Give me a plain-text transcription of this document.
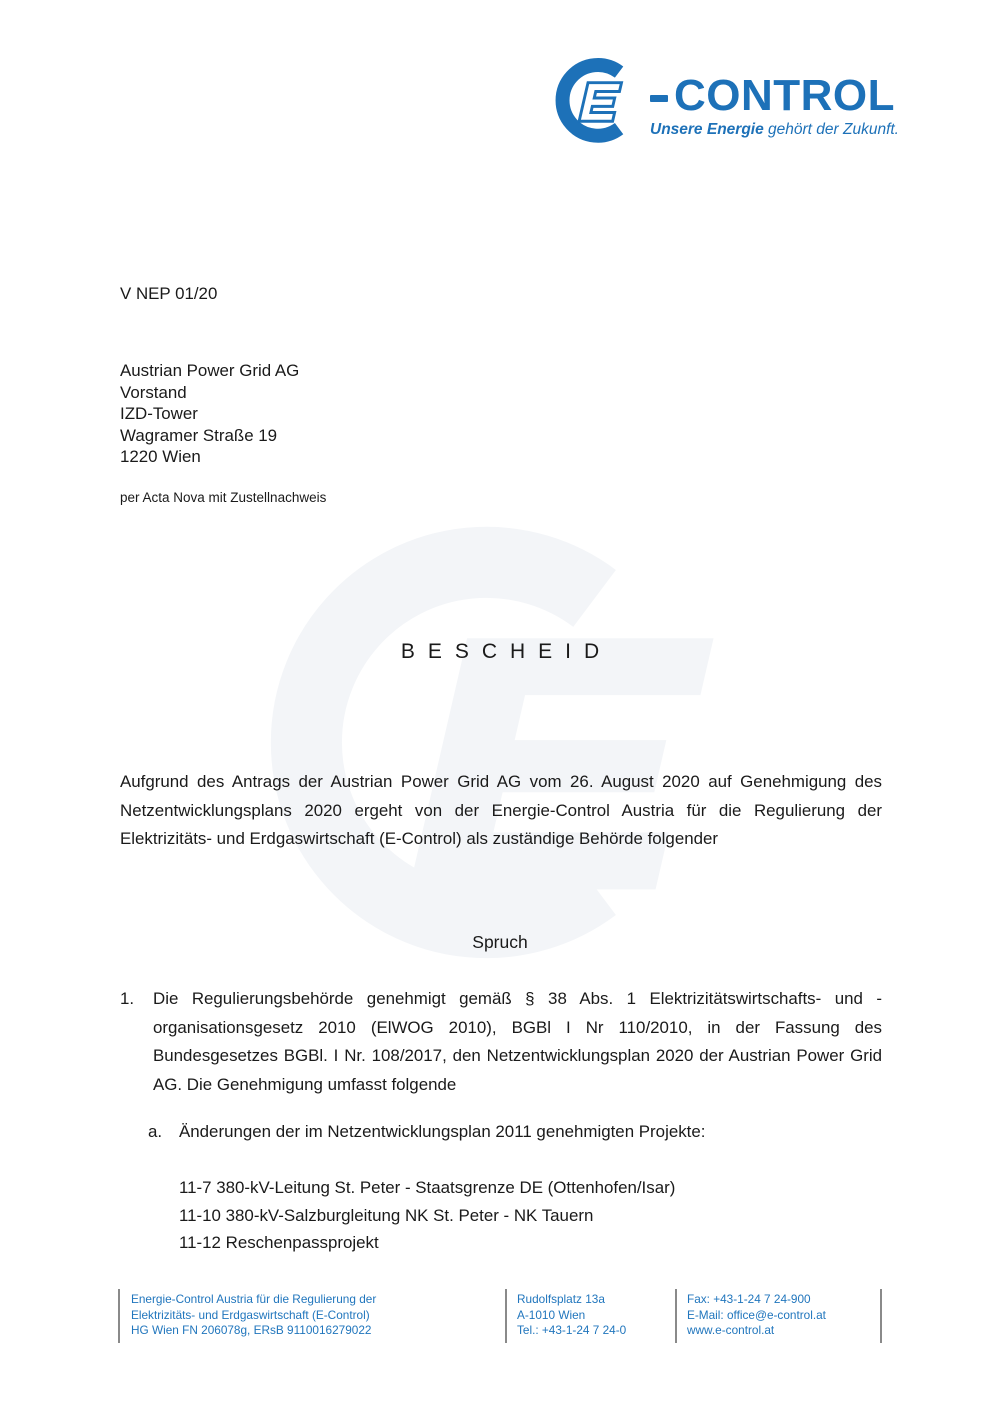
CONTROL
Unsere Energie gehört der Zukunft.
V NEP 01/20
Austrian Power Grid AG
Vorstand
IZD-Tower
Wagramer Straße 19
1220 Wien
per Acta Nova mit Zustellnachweis
BESCHEID
Aufgrund des Antrags der Austrian Power Grid AG vom 26. August 2020 auf Genehmigung des Netzentwicklungsplans 2020 ergeht von der Energie-Control Austria für die Regulierung der Elektrizitäts- und Erdgaswirtschaft (E-Control) als zuständige Behörde folgender
Spruch
1. Die Regulierungsbehörde genehmigt gemäß § 38 Abs. 1 Elektrizitätswirtschafts- und -organisationsgesetz 2010 (ElWOG 2010), BGBl I Nr 110/2010, in der Fassung des Bundesgesetzes BGBl. I Nr. 108/2017, den Netzentwicklungsplan 2020 der Austrian Power Grid AG. Die Genehmigung umfasst folgende
a. Änderungen der im Netzentwicklungsplan 2011 genehmigten Projekte:
11-7 380-kV-Leitung St. Peter - Staatsgrenze DE (Ottenhofen/Isar)
11-10 380-kV-Salzburgleitung NK St. Peter - NK Tauern
11-12 Reschenpassprojekt
Energie-Control Austria für die Regulierung der
Elektrizitäts- und Erdgaswirtschaft (E-Control)
HG Wien FN 206078g, ERsB 9110016279022
Rudolfsplatz 13a
A-1010 Wien
Tel.: +43-1-24 7 24-0
Fax: +43-1-24 7 24-900
E-Mail: office@e-control.at
www.e-control.at
